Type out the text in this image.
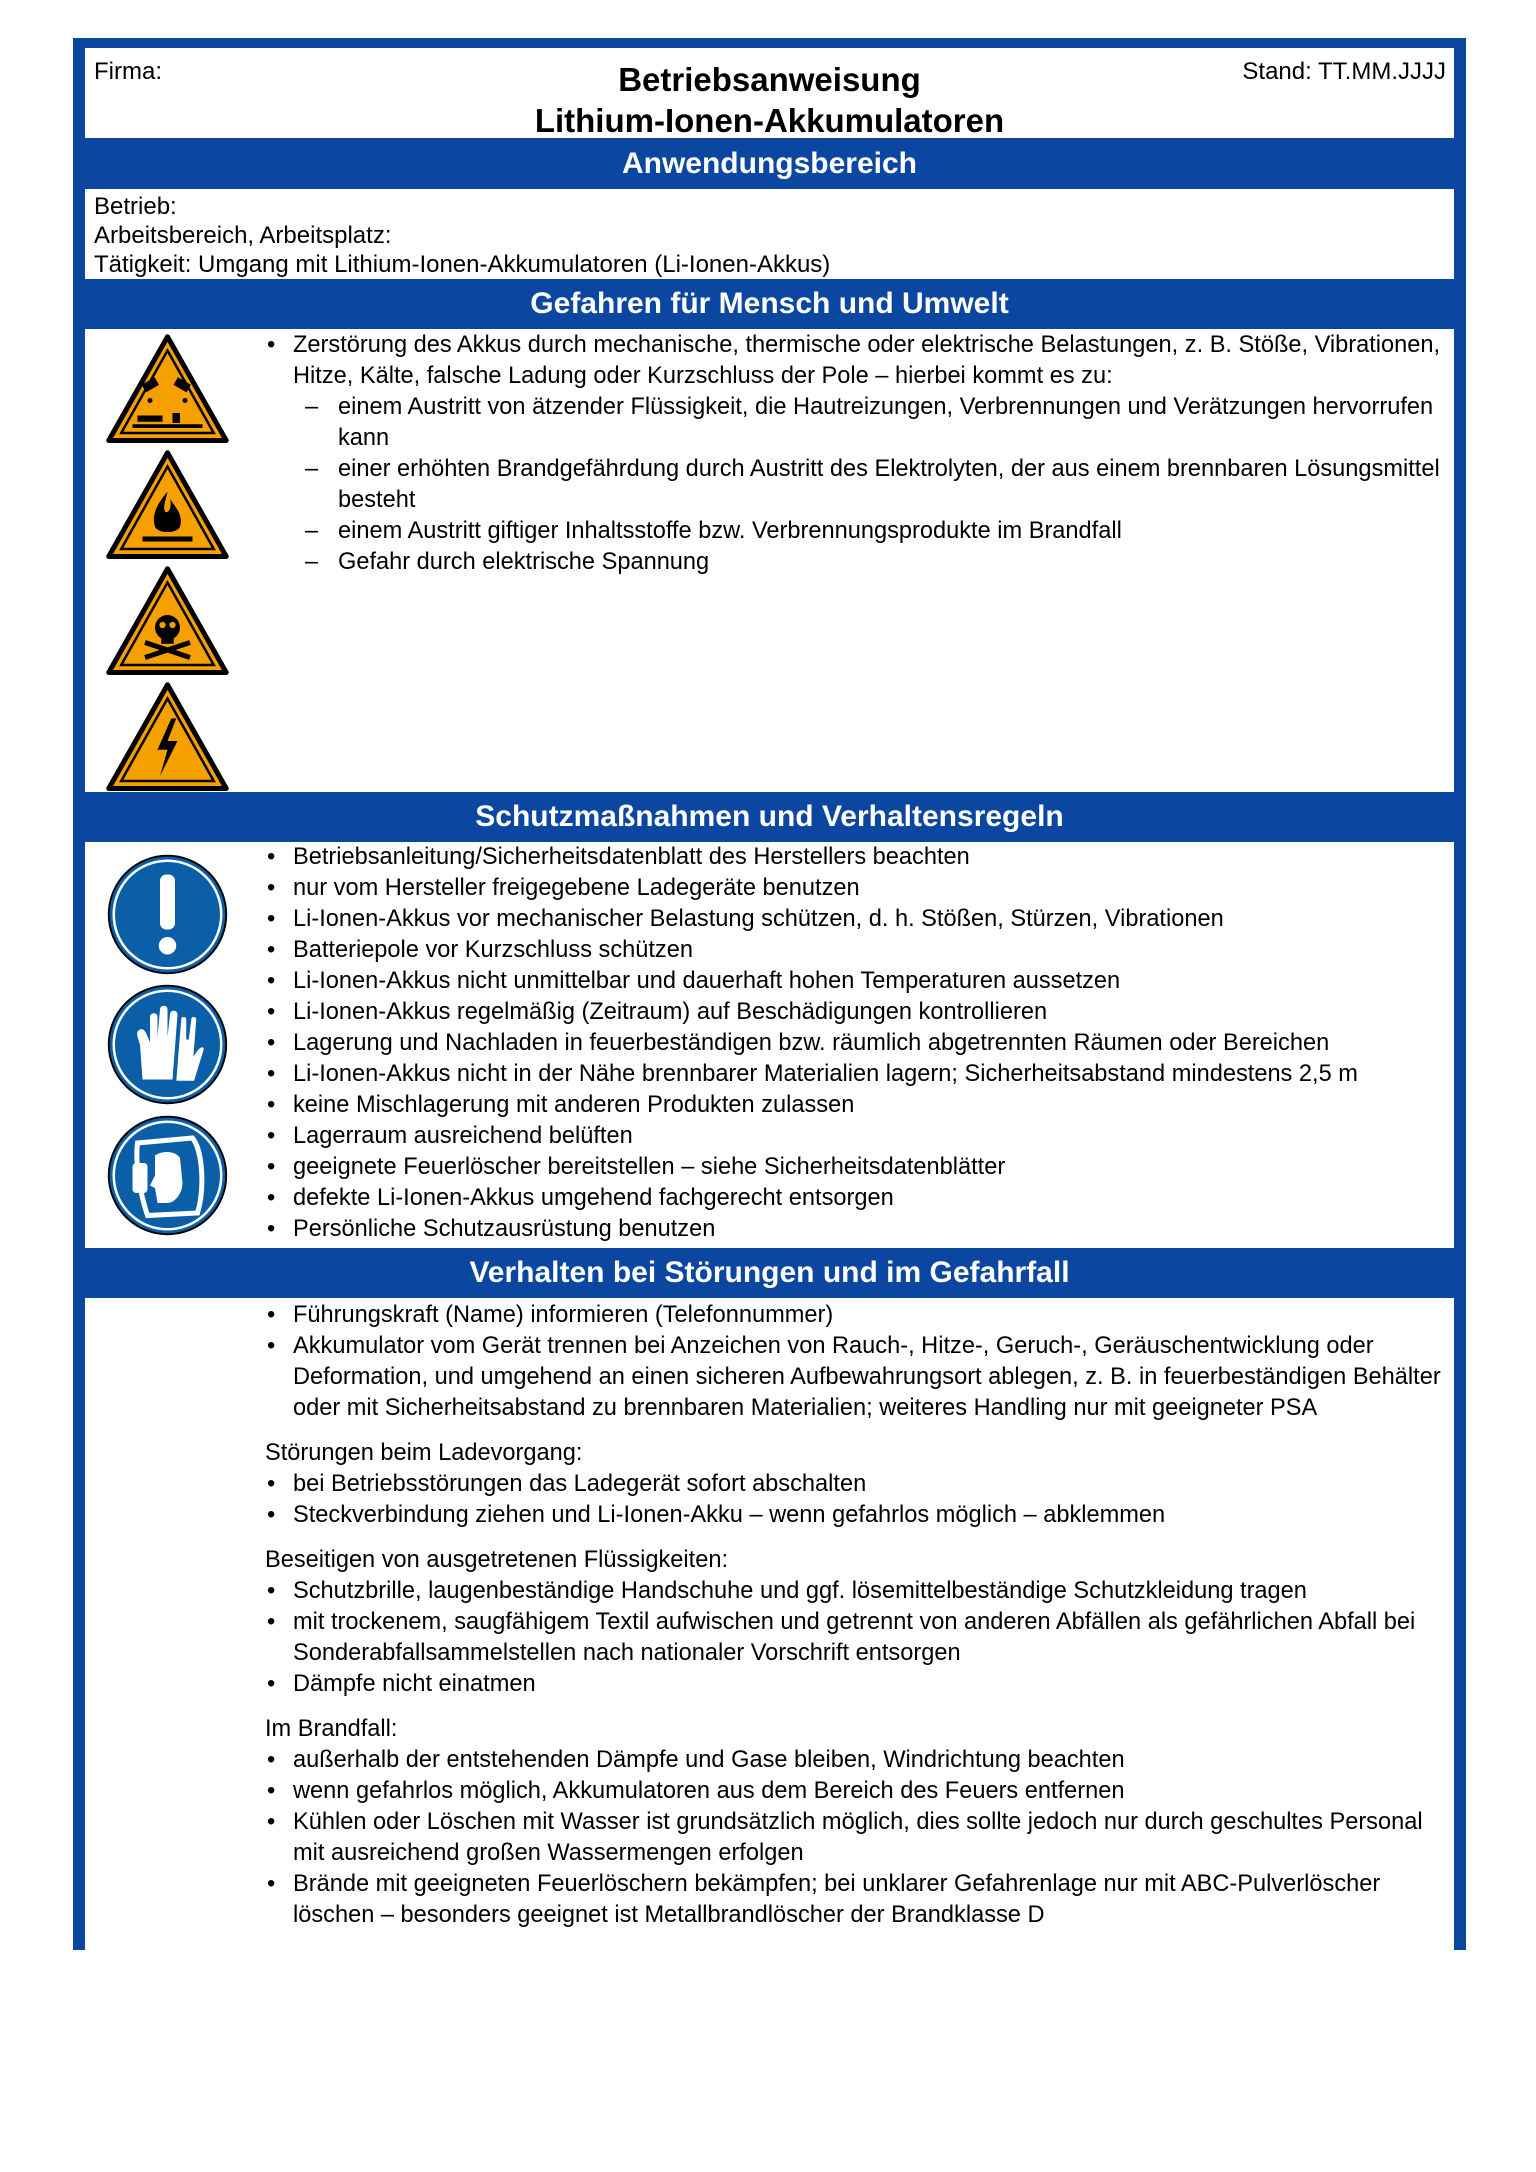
Firma:	Betriebsanweisung
Lithium-Ionen-Akkumulatoren
Stand: TT.MM.JJJJ
Anwendungsbereich
Betrieb:
Arbeitsbereich, Arbeitsplatz:
Tätigkeit: Umgang mit Lithium-Ionen-Akkumulatoren (Li-Ionen-Akkus)
Gefahren für Mensch und Umwelt
• Zerstörung des Akkus durch mechanische, thermische oder elektrische Belastungen, z. B. Stöße, Vibrationen, Hitze, Kälte, falsche Ladung oder Kurzschluss der Pole – hierbei kommt es zu:
– einem Austritt von ätzender Flüssigkeit, die Hautreizungen, Verbrennungen und Verätzungen hervorrufen kann
– einer erhöhten Brandgefährdung durch Austritt des Elektrolyten, der aus einem brennbaren Lösungsmittel besteht
– einem Austritt giftiger Inhaltsstoffe bzw. Verbrennungsprodukte im Brandfall
– Gefahr durch elektrische Spannung
Schutzmaßnahmen und Verhaltensregeln
• Betriebsanleitung/Sicherheitsdatenblatt des Herstellers beachten
• nur vom Hersteller freigegebene Ladegeräte benutzen
• Li-Ionen-Akkus vor mechanischer Belastung schützen, d. h. Stößen, Stürzen, Vibrationen
• Batteriepole vor Kurzschluss schützen
• Li-Ionen-Akkus nicht unmittelbar und dauerhaft hohen Temperaturen aussetzen
• Li-Ionen-Akkus regelmäßig (Zeitraum) auf Beschädigungen kontrollieren
• Lagerung und Nachladen in feuerbeständigen bzw. räumlich abgetrennten Räumen oder Bereichen
• Li-Ionen-Akkus nicht in der Nähe brennbarer Materialien lagern; Sicherheitsabstand mindestens 2,5 m
• keine Mischlagerung mit anderen Produkten zulassen
• Lagerraum ausreichend belüften
• geeignete Feuerlöscher bereitstellen – siehe Sicherheitsdatenblätter
• defekte Li-Ionen-Akkus umgehend fachgerecht entsorgen
• Persönliche Schutzausrüstung benutzen
Verhalten bei Störungen und im Gefahrfall
• Führungskraft (Name) informieren (Telefonnummer)
• Akkumulator vom Gerät trennen bei Anzeichen von Rauch-, Hitze-, Geruch-, Geräuschentwicklung oder Deformation, und umgehend an einen sicheren Aufbewahrungsort ablegen, z. B. in feuerbeständigen Behälter oder mit Sicherheitsabstand zu brennbaren Materialien; weiteres Handling nur mit geeigneter PSA
Störungen beim Ladevorgang:
• bei Betriebsstörungen das Ladegerät sofort abschalten
• Steckverbindung ziehen und Li-Ionen-Akku – wenn gefahrlos möglich – abklemmen
Beseitigen von ausgetretenen Flüssigkeiten:
• Schutzbrille, laugenbeständige Handschuhe und ggf. lösemittelbeständige Schutzkleidung tragen
• mit trockenem, saugfähigem Textil aufwischen und getrennt von anderen Abfällen als gefährlichen Abfall bei Sonderabfallsammelstellen nach nationaler Vorschrift entsorgen
• Dämpfe nicht einatmen
Im Brandfall:
• außerhalb der entstehenden Dämpfe und Gase bleiben, Windrichtung beachten
• wenn gefahrlos möglich, Akkumulatoren aus dem Bereich des Feuers entfernen
• Kühlen oder Löschen mit Wasser ist grundsätzlich möglich, dies sollte jedoch nur durch geschultes Personal mit ausreichend großen Wassermengen erfolgen
• Brände mit geeigneten Feuerlöschern bekämpfen; bei unklarer Gefahrenlage nur mit ABC-Pulverlöscher löschen – besonders geeignet ist Metallbrandlöscher der Brandklasse D
